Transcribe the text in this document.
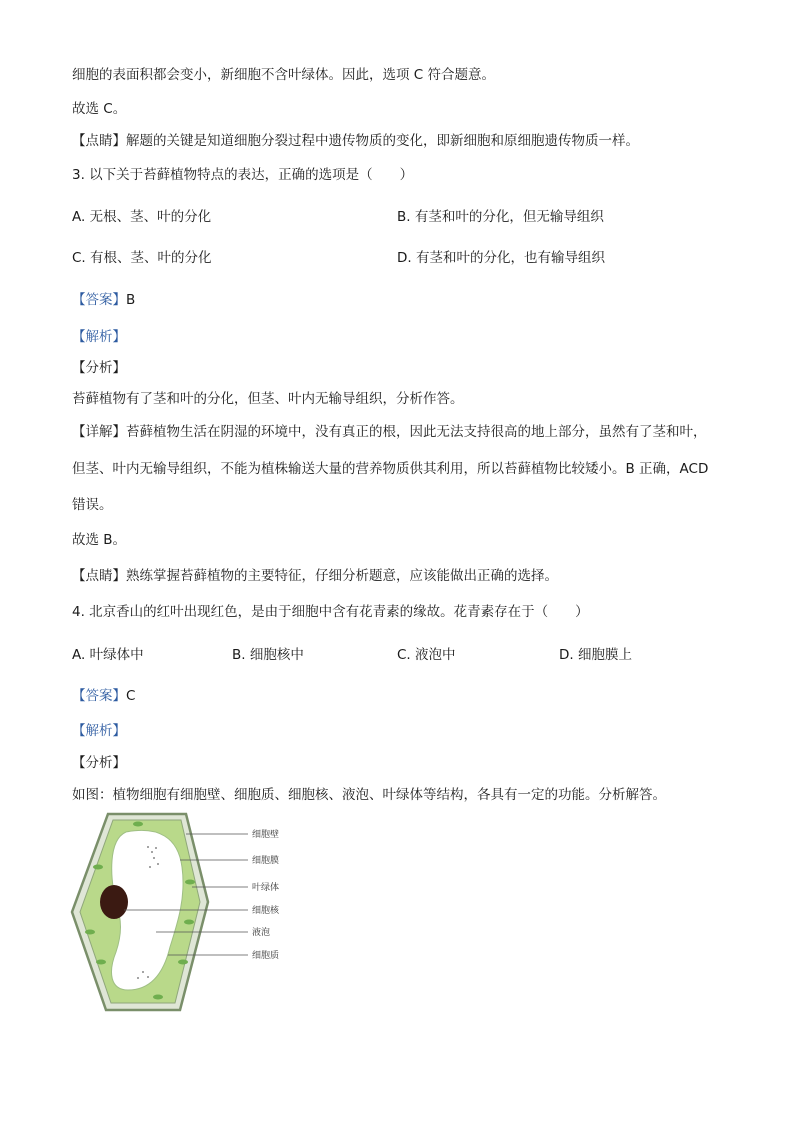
细胞的表面积都会变小，新细胞不含叶绿体。因此，选项 C 符合题意。
故选 C。
【点睛】解题的关键是知道细胞分裂过程中遗传物质的变化，即新细胞和原细胞遗传物质一样。
3. 以下关于苔藓植物特点的表达，正确的选项是（　　）
A. 无根、茎、叶的分化	B. 有茎和叶的分化，但无输导组织
C. 有根、茎、叶的分化	D. 有茎和叶的分化，也有输导组织
【答案】B
【解析】
【分析】
苔藓植物有了茎和叶的分化，但茎、叶内无输导组织，分析作答。
【详解】苔藓植物生活在阴湿的环境中，没有真正的根，因此无法支持很高的地上部分，虽然有了茎和叶，
但茎、叶内无输导组织，不能为植株输送大量的营养物质供其利用，所以苔藓植物比较矮小。B 正确，ACD
错误。
故选 B。
【点睛】熟练掌握苔藓植物的主要特征，仔细分析题意，应该能做出正确的选择。
4. 北京香山的红叶出现红色，是由于细胞中含有花青素的缘故。花青素存在于（　　）
A. 叶绿体中	B. 细胞核中	C. 液泡中	D. 细胞膜上
【答案】C
【解析】
【分析】
如图：植物细胞有细胞壁、细胞质、细胞核、液泡、叶绿体等结构，各具有一定的功能。分析解答。
细胞壁
细胞膜
叶绿体
细胞核
液泡
细胞质
